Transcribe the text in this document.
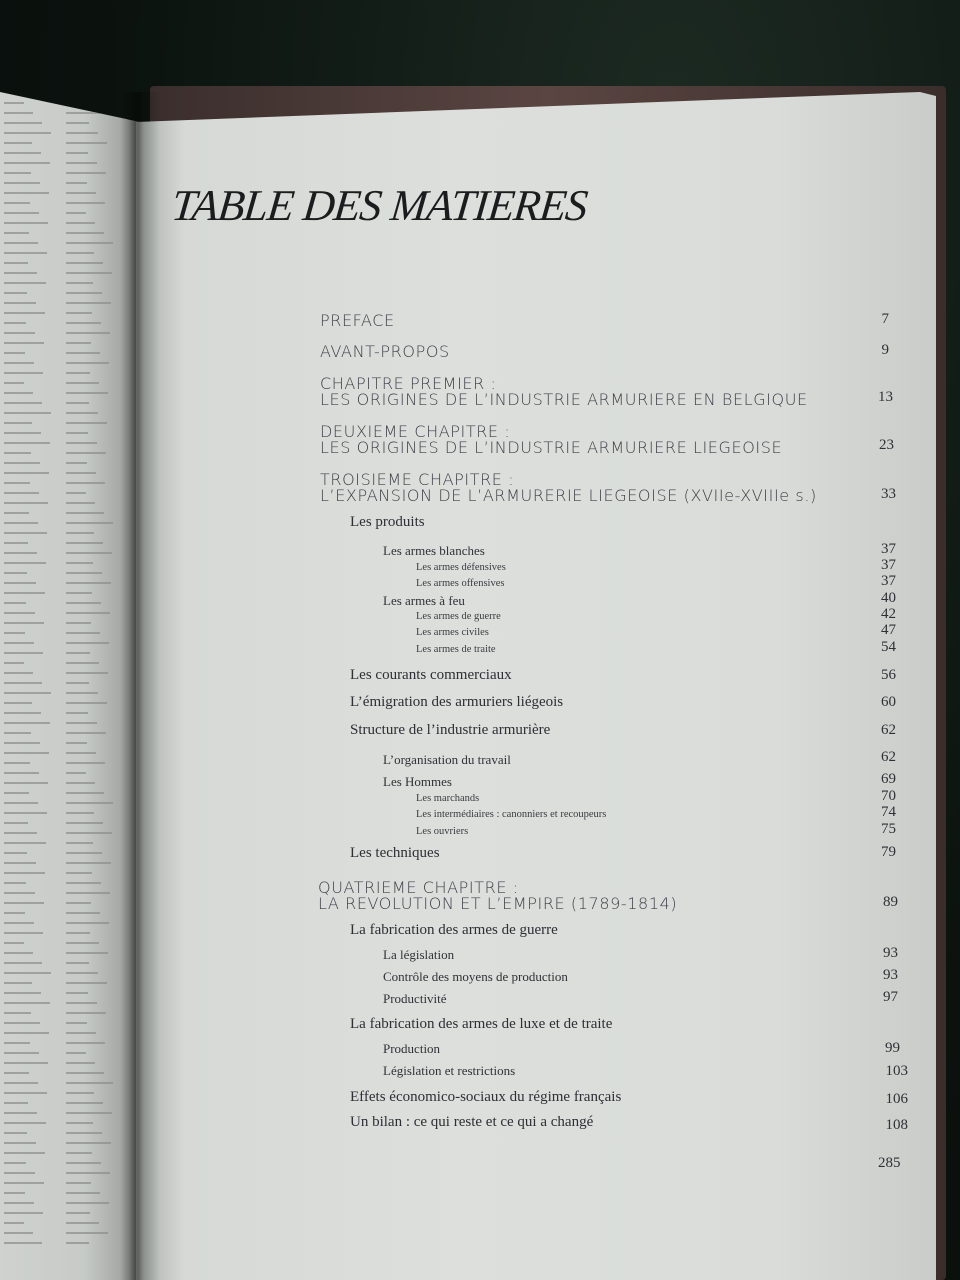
TABLE DES MATIERES
PREFACE	7
AVANT-PROPOS	9
CHAPITRE PREMIER :
LES ORIGINES DE L’INDUSTRIE ARMURIERE EN BELGIQUE	13
DEUXIEME CHAPITRE :
LES ORIGINES DE L’INDUSTRIE ARMURIERE LIEGEOISE	23
TROISIEME CHAPITRE :
L’EXPANSION DE L’ARMURERIE LIEGEOISE (XVIIe-XVIIIe s.)	33
Les produits
Les armes blanches	37
Les armes défensives	37
Les armes offensives	37
Les armes à feu	40
Les armes de guerre	42
Les armes civiles	47
Les armes de traite	54
Les courants commerciaux	56
L’émigration des armuriers liégeois	60
Structure de l’industrie armurière	62
L’organisation du travail	62
Les Hommes	69
Les marchands	70
Les intermédiaires : canonniers et recoupeurs	74
Les ouvriers	75
Les techniques	79
QUATRIEME CHAPITRE :
LA REVOLUTION ET L’EMPIRE (1789-1814)	89
La fabrication des armes de guerre
La législation	93
Contrôle des moyens de production	93
Productivité	97
La fabrication des armes de luxe et de traite
Production	99
Législation et restrictions	103
Effets économico-sociaux du régime français	106
Un bilan : ce qui reste et ce qui a changé	108
285
